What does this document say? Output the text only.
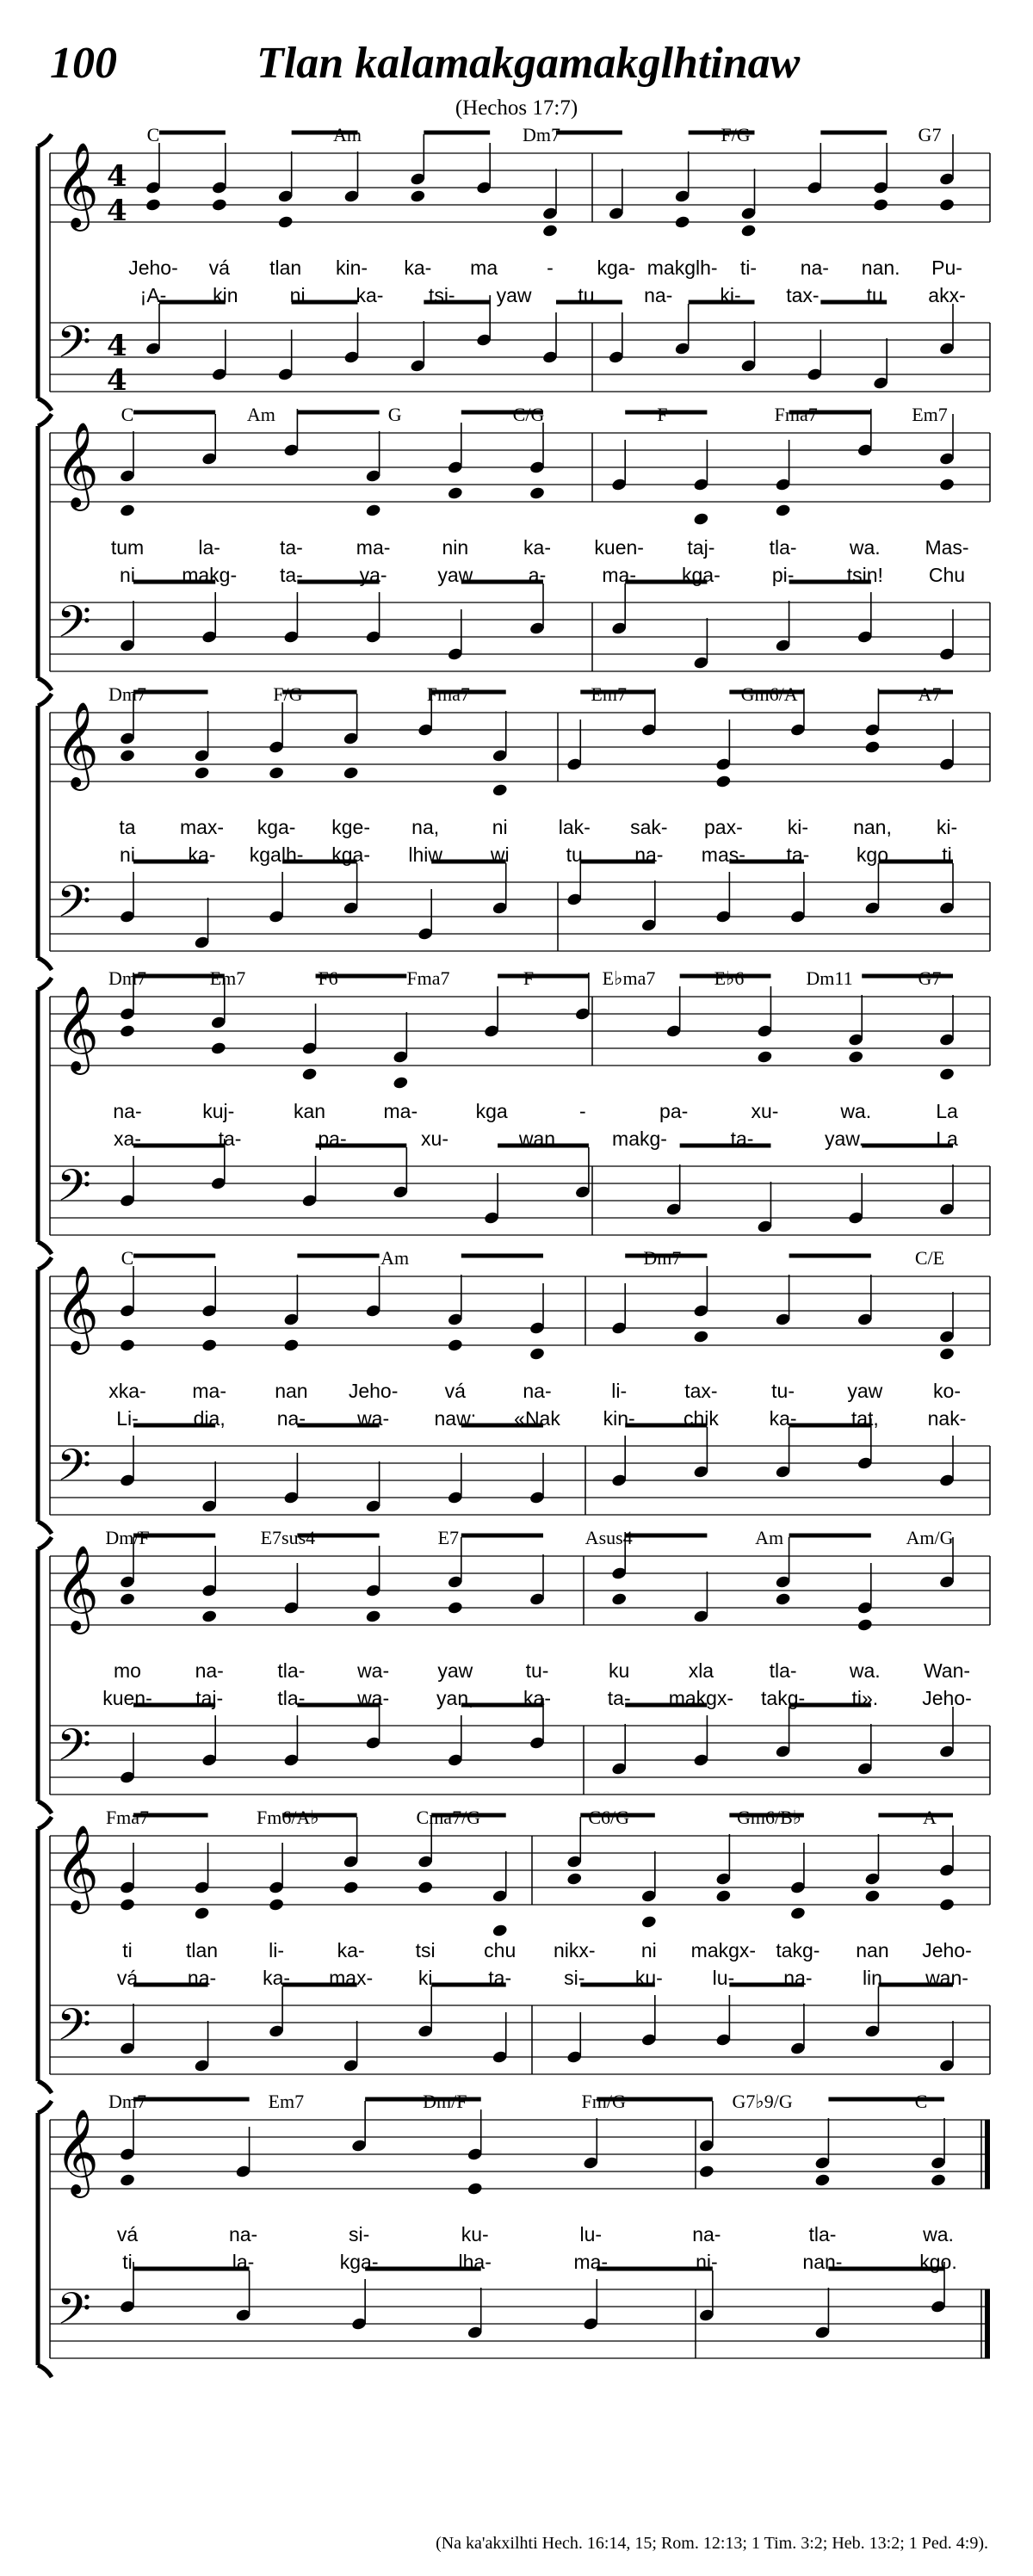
100	Tlan kalamakgamakglhtinaw
(Hechos 17:7)
𝄞
𝄢
4
4
4
4
C	Am	Dm7	F/G	G7
Jeho- vá tlan kin- ka- ma - kga- makglh- ti- na- nan. Pu-
¡A- kin	ni	ka- tsi- yaw tu	na- ki- tax- tu akx-
𝄞
𝄢
C	Am	G	C/G	F	Fma7	Em7
tum	la-	ta-	ma-	nin	ka- kuen- taj-	tla-	wa. Mas-
ni makg- ta-	ya-	yaw	a-	ma- kga-	pi-	tsin! Chu
𝄞
𝄢
Dm7	F/G	Fma7	Em7	Gm6/A	A7
ta max- kga- kge- na,	ni	lak- sak- pax- ki- nan, ki-
ni	ka- kgalh- kga- lhiw wi	tu	na- mas- ta- kgo	ti
𝄞
𝄢
Dm7	Em7	F6	Fma7	F	E♭ma7	E♭6	Dm11	G7
na-	kuj-	kan	ma-	kga	-	pa-	xu-	wa.	La
xa-	ta-	pa-	xu-	wan	makg-	ta-	yaw.	La
𝄞
𝄢
C	Am	Dm7	C/E
xka- ma- nan Jeho- vá	na-	li-	tax-	tu-	yaw	ko-
Li-	dia,	na-	wa- naw: «Nak kin- chik	ka-	tat, nak-
𝄞
𝄢
Dm/F	E7sus4	E7	Asus4	Am	Am/G
mo	na-	tla-	wa- yaw	tu-	ku	xla	tla-	wa. Wan-
kuen- taj-	tla-	wa- yan, ka-	ta- makgx- takg- ti». Jeho-
𝄞
𝄢
Fma7	Fm6/A♭	Cma7/G	C6/G	Gm6/B♭	A
ti	tlan	li-	ka-	tsi chu nikx- ni makgx- takg- nan Jeho-
vá	na- ka- max- ki	ta-	si-	ku-	lu- na-	lin wan-
𝄞
𝄢
Dm7	Em7	Dm/F	Fm/G	G7♭9/G	C
vá	na-	si-	ku-	lu-	na-	tla-	wa.
ti	la-	kga-	lha-	ma-	ni-	nan-	kgo.
(Na ka'akxilhti Hech. 16:14, 15; Rom. 12:13; 1 Tim. 3:2; Heb. 13:2; 1 Ped. 4:9).
